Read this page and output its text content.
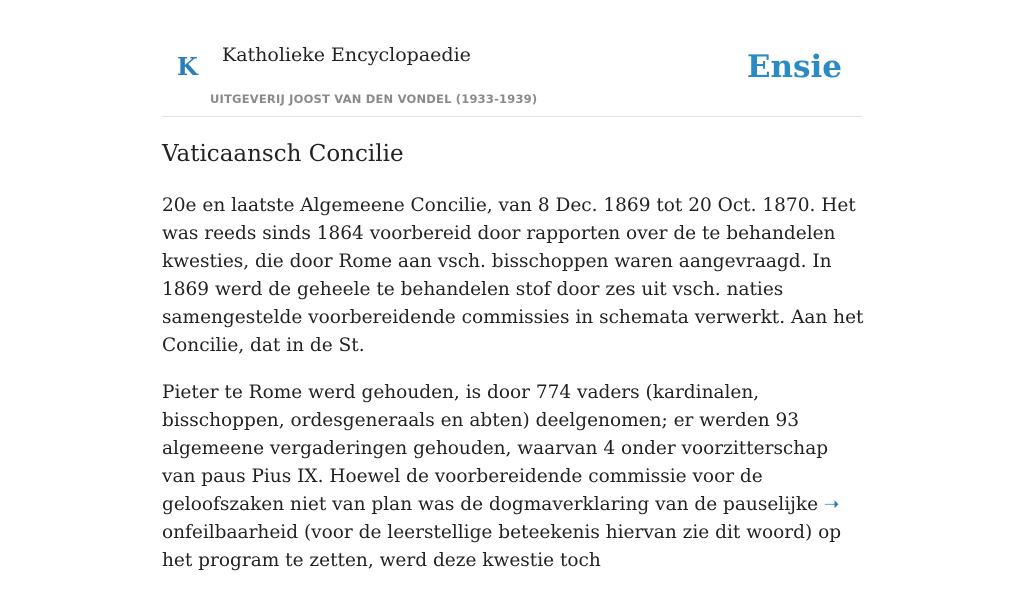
K Katholieke Encyclopaedie
UITGEVERIJ JOOST VAN DEN VONDEL (1933-1939)
Ensie
Vaticaansch Concilie

20e en laatste Algemeene Concilie, van 8 Dec. 1869 tot 20 Oct. 1870. Het was reeds sinds 1864 voorbereid door rapporten over de te behandelen kwesties, die door Rome aan vsch. bisschoppen waren aangevraagd. In 1869 werd de geheele te behandelen stof door zes uit vsch. naties samengestelde voorbereidende commissies in schemata verwerkt. Aan het Concilie, dat in de St.

Pieter te Rome werd gehouden, is door 774 vaders (kardinalen, bisschoppen, ordesgeneraals en abten) deelgenomen; er werden 93 algemeene vergaderingen gehouden, waarvan 4 onder voorzitterschap van paus Pius IX. Hoewel de voorbereidende commissie voor de geloofszaken niet van plan was de dogmaverklaring van de pauselijke ➝ onfeilbaarheid (voor de leerstellige beteekenis hiervan zie dit woord) op het program te zetten, werd deze kwestie toch
